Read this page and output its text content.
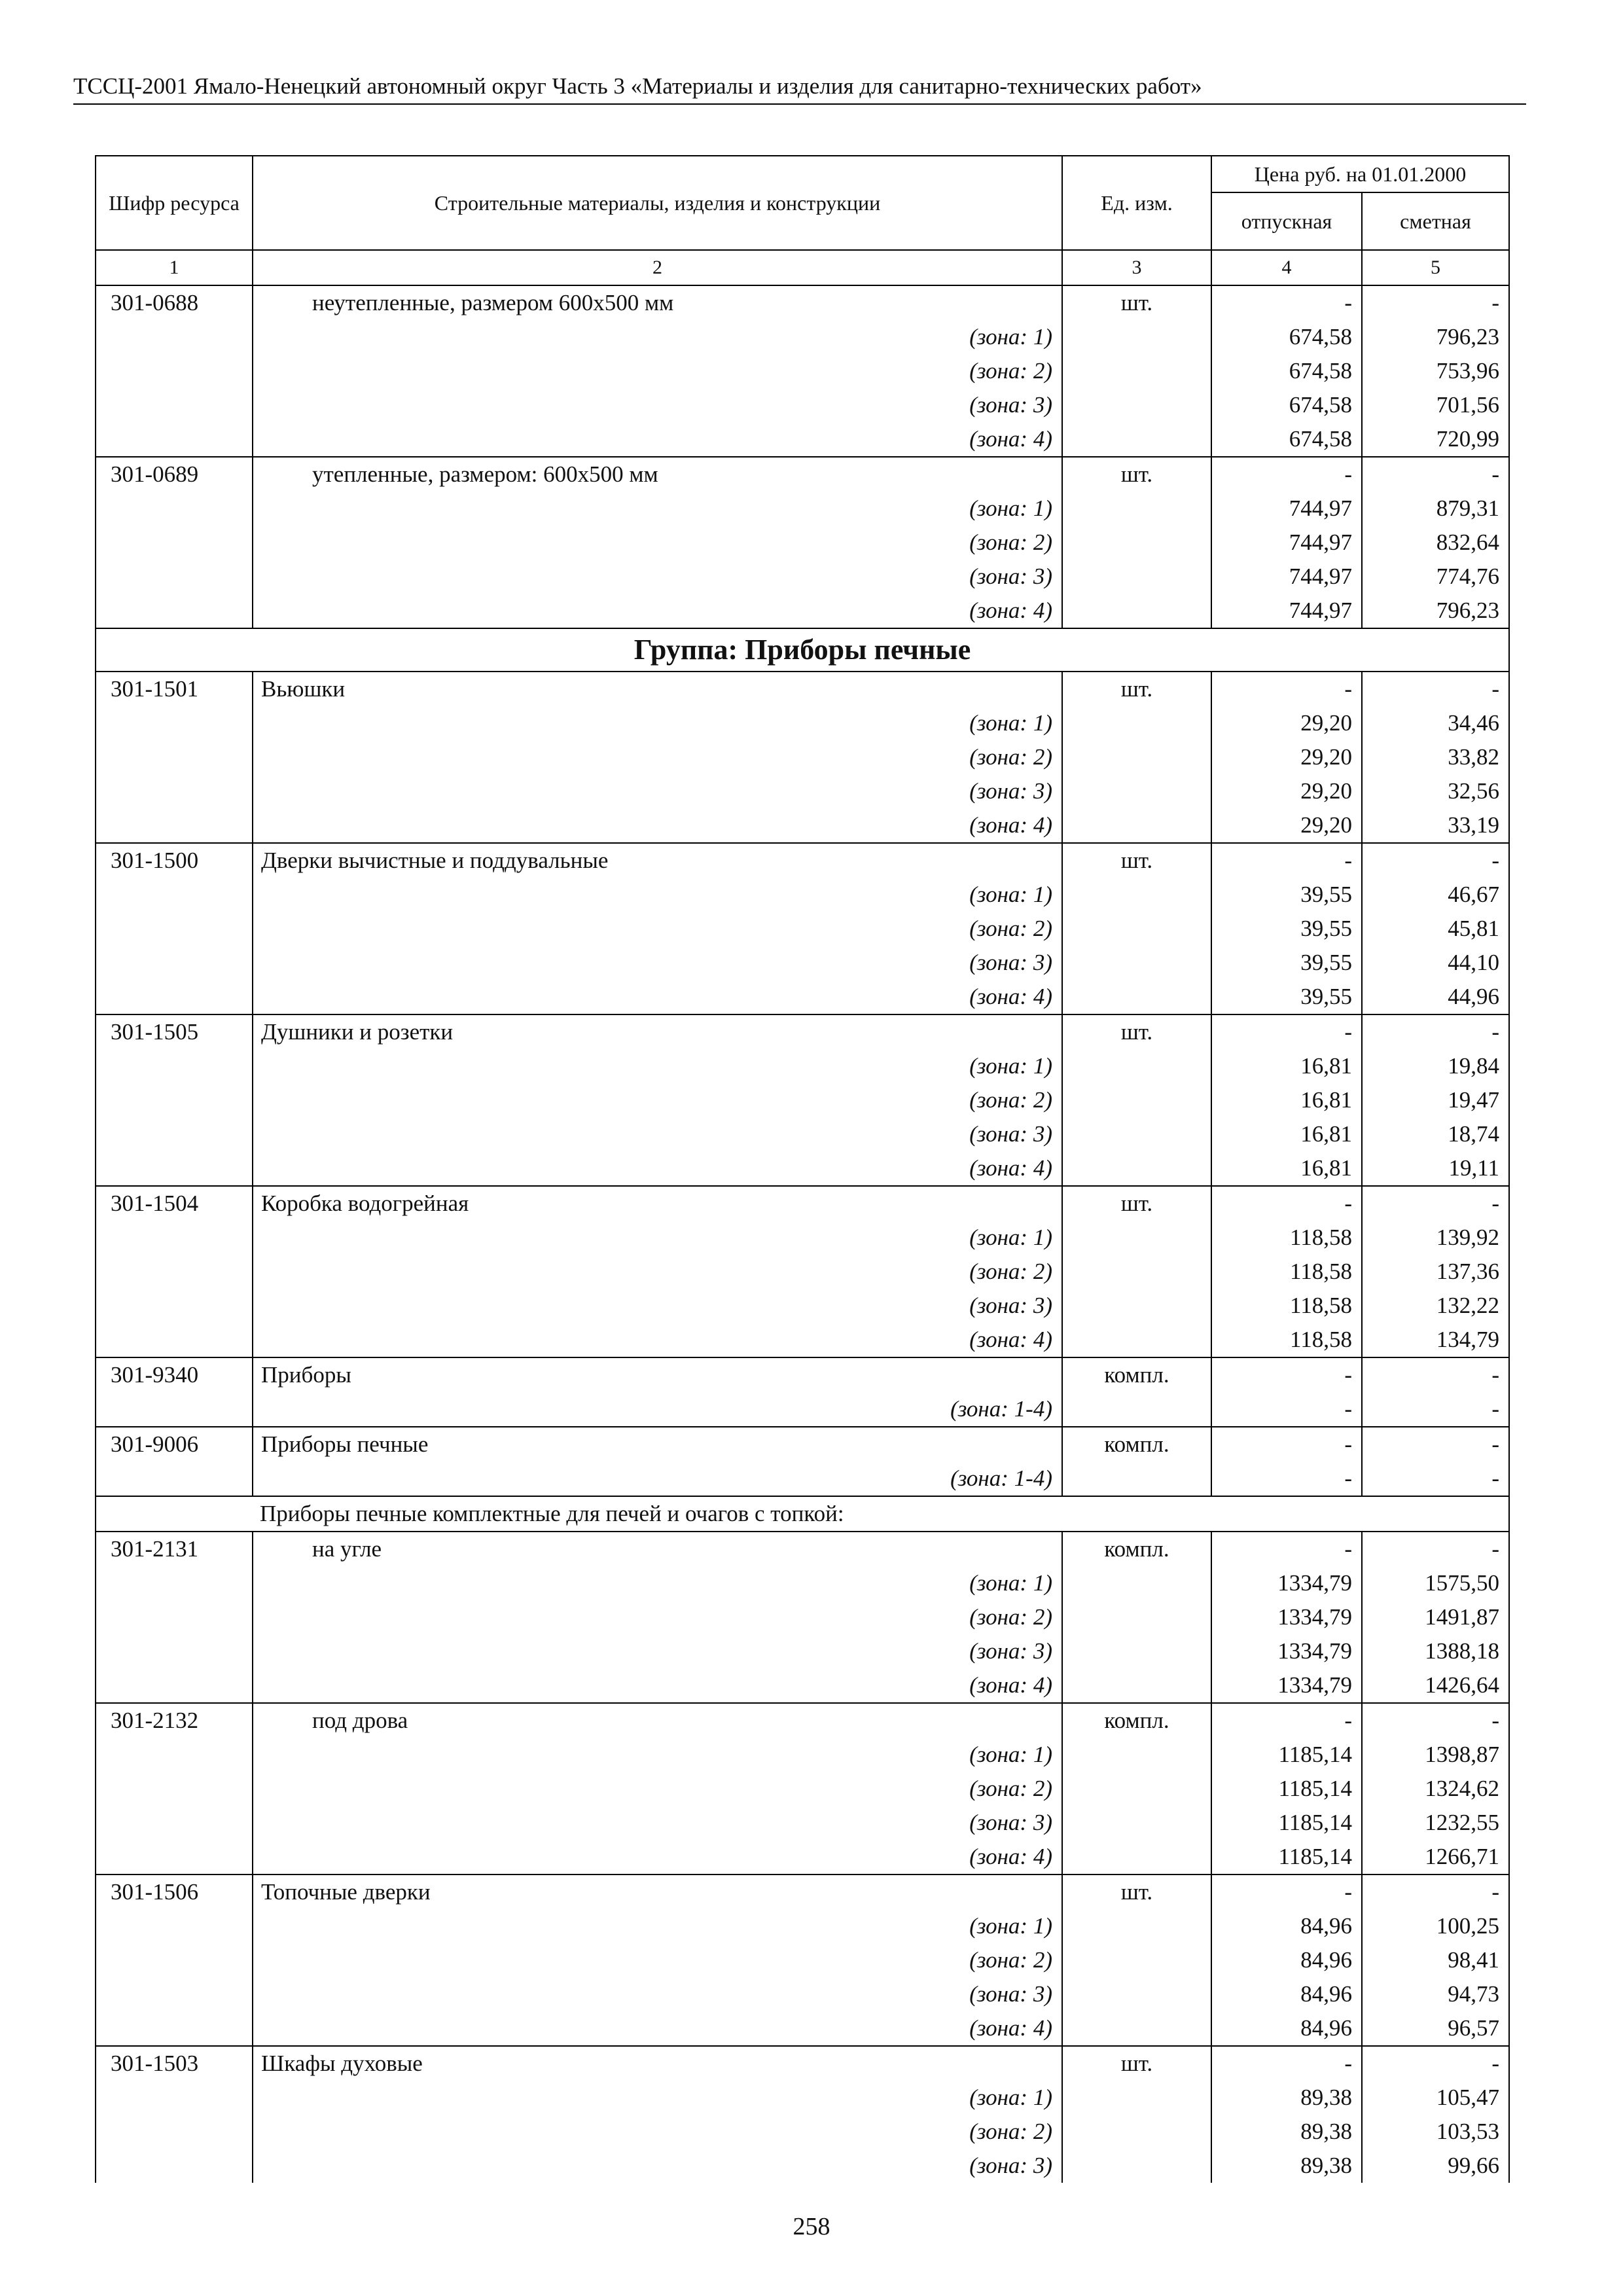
ТССЦ-2001 Ямало-Ненецкий автономный округ Часть 3 «Материалы и изделия для санитарно-технических работ»
Шифр ресурса	Строительные материалы, изделия и конструкции	Ед. изм.	Цена руб. на 01.01.2000	
			отпускная	сметная
1	2	3	4	5
301-0688	неутепленные, размером 600х500 мм	шт.	-	-
	(зона: 1)		674,58	796,23
	(зона: 2)		674,58	753,96
	(зона: 3)		674,58	701,56
	(зона: 4)		674,58	720,99
301-0689	утепленные, размером: 600х500 мм	шт.	-	-
	(зона: 1)		744,97	879,31
	(зона: 2)		744,97	832,64
	(зона: 3)		744,97	774,76
	(зона: 4)		744,97	796,23
Группа: Приборы печные				
301-1501	Вьюшки	шт.	-	-
	(зона: 1)		29,20	34,46
	(зона: 2)		29,20	33,82
	(зона: 3)		29,20	32,56
	(зона: 4)		29,20	33,19
301-1500	Дверки вычистные и поддувальные	шт.	-	-
	(зона: 1)		39,55	46,67
	(зона: 2)		39,55	45,81
	(зона: 3)		39,55	44,10
	(зона: 4)		39,55	44,96
301-1505	Душники и розетки	шт.	-	-
	(зона: 1)		16,81	19,84
	(зона: 2)		16,81	19,47
	(зона: 3)		16,81	18,74
	(зона: 4)		16,81	19,11
301-1504	Коробка водогрейная	шт.	-	-
	(зона: 1)		118,58	139,92
	(зона: 2)		118,58	137,36
	(зона: 3)		118,58	132,22
	(зона: 4)		118,58	134,79
301-9340	Приборы	компл.	-	-
	(зона: 1-4)		-	-
301-9006	Приборы печные	компл.	-	-
	(зона: 1-4)		-	-
Приборы печные комплектные для печей и очагов с топкой:				
301-2131	на угле	компл.	-	-
	(зона: 1)		1334,79	1575,50
	(зона: 2)		1334,79	1491,87
	(зона: 3)		1334,79	1388,18
	(зона: 4)		1334,79	1426,64
301-2132	под дрова	компл.	-	-
	(зона: 1)		1185,14	1398,87
	(зона: 2)		1185,14	1324,62
	(зона: 3)		1185,14	1232,55
	(зона: 4)		1185,14	1266,71
301-1506	Топочные дверки	шт.	-	-
	(зона: 1)		84,96	100,25
	(зона: 2)		84,96	98,41
	(зона: 3)		84,96	94,73
	(зона: 4)		84,96	96,57
301-1503	Шкафы духовые	шт.	-	-
	(зона: 1)		89,38	105,47
	(зона: 2)		89,38	103,53
	(зона: 3)		89,38	99,66
258
